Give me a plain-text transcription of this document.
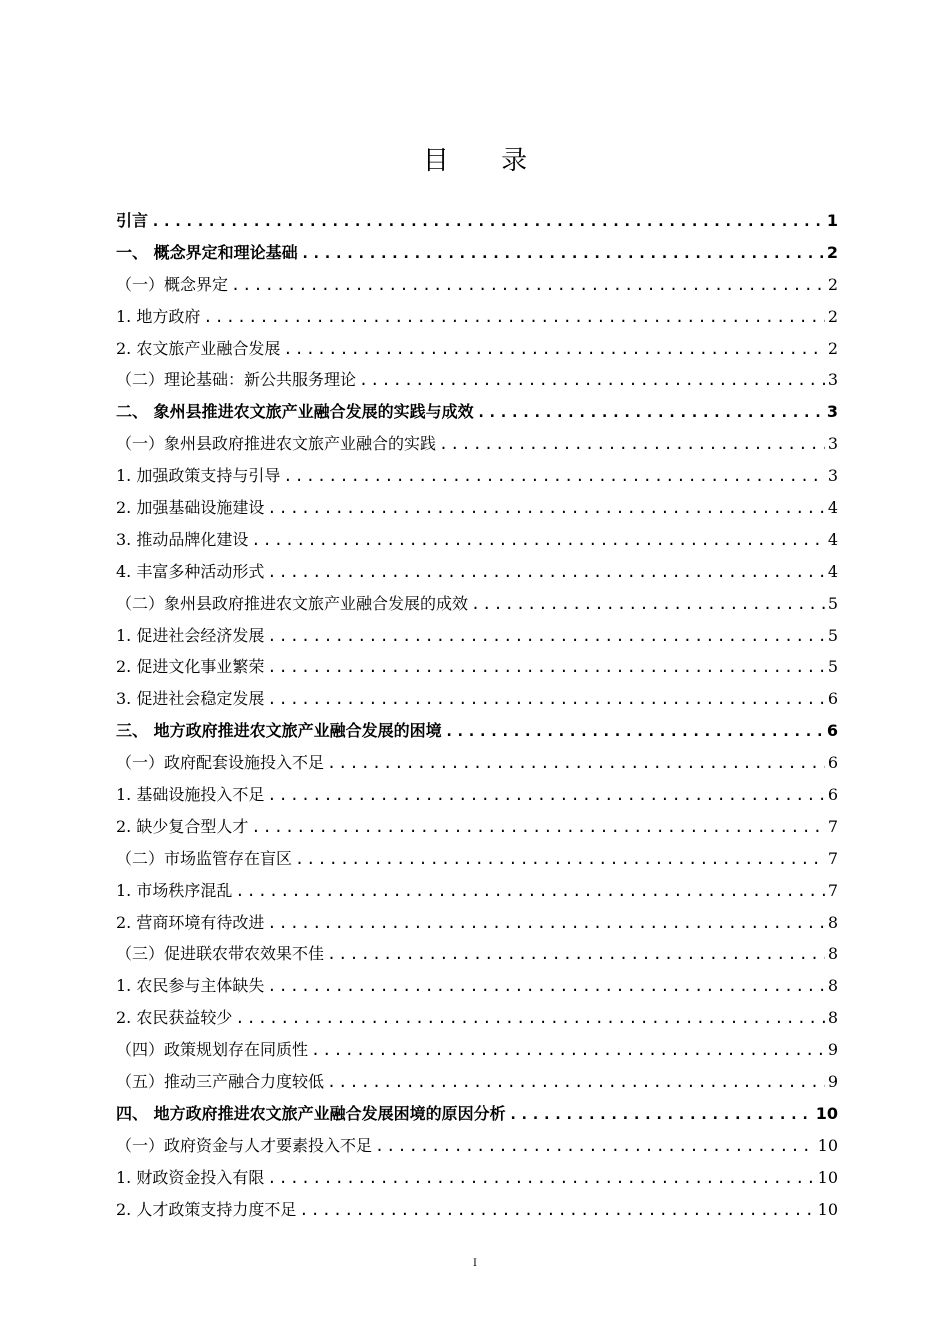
目 录
引言 .....	1
一、 概念界定和理论基础 .....	2
（一）概念界定 .....	2
1. 地方政府 .....	2
2. 农文旅产业融合发展 .....	2
（二）理论基础：新公共服务理论 .....	3
二、 象州县推进农文旅产业融合发展的实践与成效 .....	3
（一）象州县政府推进农文旅产业融合的实践 .....	3
1. 加强政策支持与引导 .....	3
2. 加强基础设施建设 .....	4
3. 推动品牌化建设 .....	4
4. 丰富多种活动形式 .....	4
（二）象州县政府推进农文旅产业融合发展的成效 .....	5
1. 促进社会经济发展 .....	5
2. 促进文化事业繁荣 .....	5
3. 促进社会稳定发展 .....	6
三、 地方政府推进农文旅产业融合发展的困境 .....	6
（一）政府配套设施投入不足 .....	6
1. 基础设施投入不足 .....	6
2. 缺少复合型人才 .....	7
（二）市场监管存在盲区 .....	7
1. 市场秩序混乱 .....	7
2. 营商环境有待改进 .....	8
（三）促进联农带农效果不佳 .....	8
1. 农民参与主体缺失 .....	8
2. 农民获益较少 .....	8
（四）政策规划存在同质性 .....	9
（五）推动三产融合力度较低 .....	9
四、 地方政府推进农文旅产业融合发展困境的原因分析 .....	10
（一）政府资金与人才要素投入不足 .....	10
1. 财政资金投入有限 .....	10
2. 人才政策支持力度不足 .....	10
I
